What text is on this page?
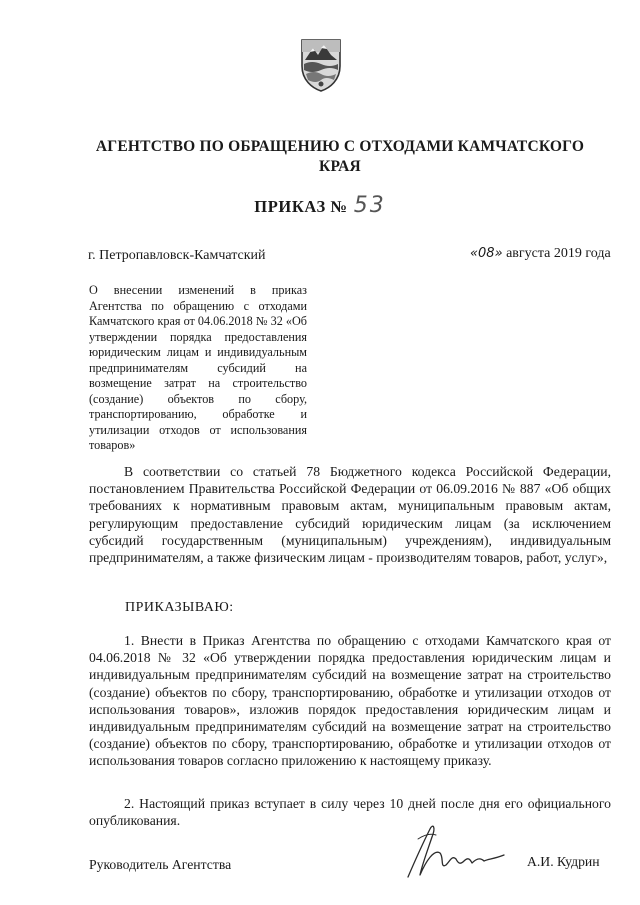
АГЕНТСТВО ПО ОБРАЩЕНИЮ С ОТХОДАМИ КАМЧАТСКОГО
КРАЯ
ПРИКАЗ № 53
г. Петропавловск-Камчатский	«08» августа 2019 года
О внесении изменений в приказ Агентства по обращению с отходами Камчатского края от 04.06.2018 № 32 «Об утверждении порядка предоставления юридическим лицам и индивидуальным предпринимателям субсидий на возмещение затрат на строительство (создание) объектов по сбору, транспортированию, обработке и утилизации отходов от использования товаров»
В соответствии со статьей 78 Бюджетного кодекса Российской Федерации, постановлением Правительства Российской Федерации от 06.09.2016 № 887 «Об общих требованиях к нормативным правовым актам, муниципальным правовым актам, регулирующим предоставление субсидий юридическим лицам (за исключением субсидий государственным (муниципальным) учреждениям), индивидуальным предпринимателям, а также физическим лицам - производителям товаров, работ, услуг»,
ПРИКАЗЫВАЮ:
1. Внести в Приказ Агентства по обращению с отходами Камчатского края от 04.06.2018 № 32 «Об утверждении порядка предоставления юридическим лицам и индивидуальным предпринимателям субсидий на возмещение затрат на строительство (создание) объектов по сбору, транспортированию, обработке и утилизации отходов от использования товаров», изложив порядок предоставления юридическим лицам и индивидуальным предпринимателям субсидий на возмещение затрат на строительство (создание) объектов по сбору, транспортированию, обработке и утилизации отходов от использования товаров согласно приложению к настоящему приказу.
2. Настоящий приказ вступает в силу через 10 дней после дня его официального опубликования.
Руководитель Агентства	А.И. Кудрин
